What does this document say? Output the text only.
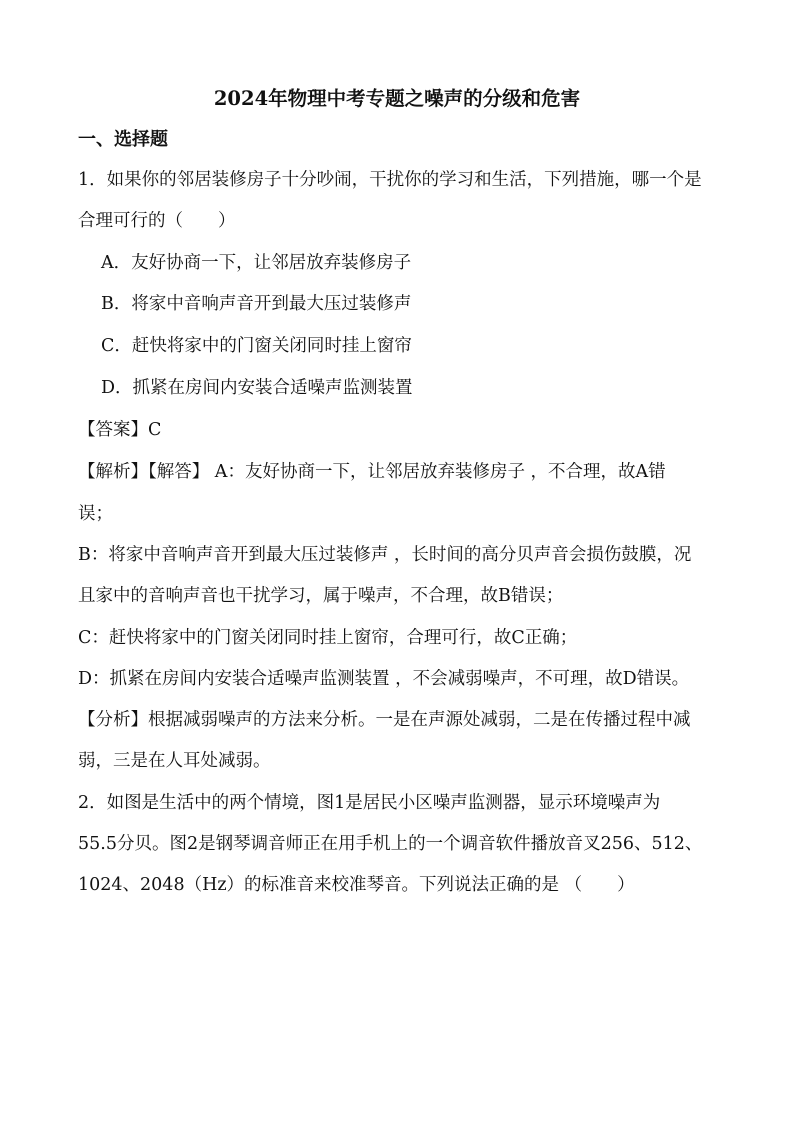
2024年物理中考专题之噪声的分级和危害
一、选择题
1．如果你的邻居装修房子十分吵闹，干扰你的学习和生活，下列措施，哪一个是
合理可行的（　　）
A．友好协商一下，让邻居放弃装修房子
B．将家中音响声音开到最大压过装修声
C．赶快将家中的门窗关闭同时挂上窗帘
D．抓紧在房间内安装合适噪声监测装置
【答案】C
【解析】【解答】 A：友好协商一下，让邻居放弃装修房子 ，不合理，故A错
误；
B：将家中音响声音开到最大压过装修声 ，长时间的高分贝声音会损伤鼓膜，况
且家中的音响声音也干扰学习，属于噪声，不合理，故B错误；
C：赶快将家中的门窗关闭同时挂上窗帘，合理可行，故C正确；
D：抓紧在房间内安装合适噪声监测装置 ，不会减弱噪声，不可理，故D错误。
【分析】根据减弱噪声的方法来分析。一是在声源处减弱，二是在传播过程中减
弱，三是在人耳处减弱。
2．如图是生活中的两个情境，图1是居民小区噪声监测器，显示环境噪声为
55.5分贝。图2是钢琴调音师正在用手机上的一个调音软件播放音叉256、512、
1024、2048（Hz）的标准音来校准琴音。下列说法正确的是 （　　）
